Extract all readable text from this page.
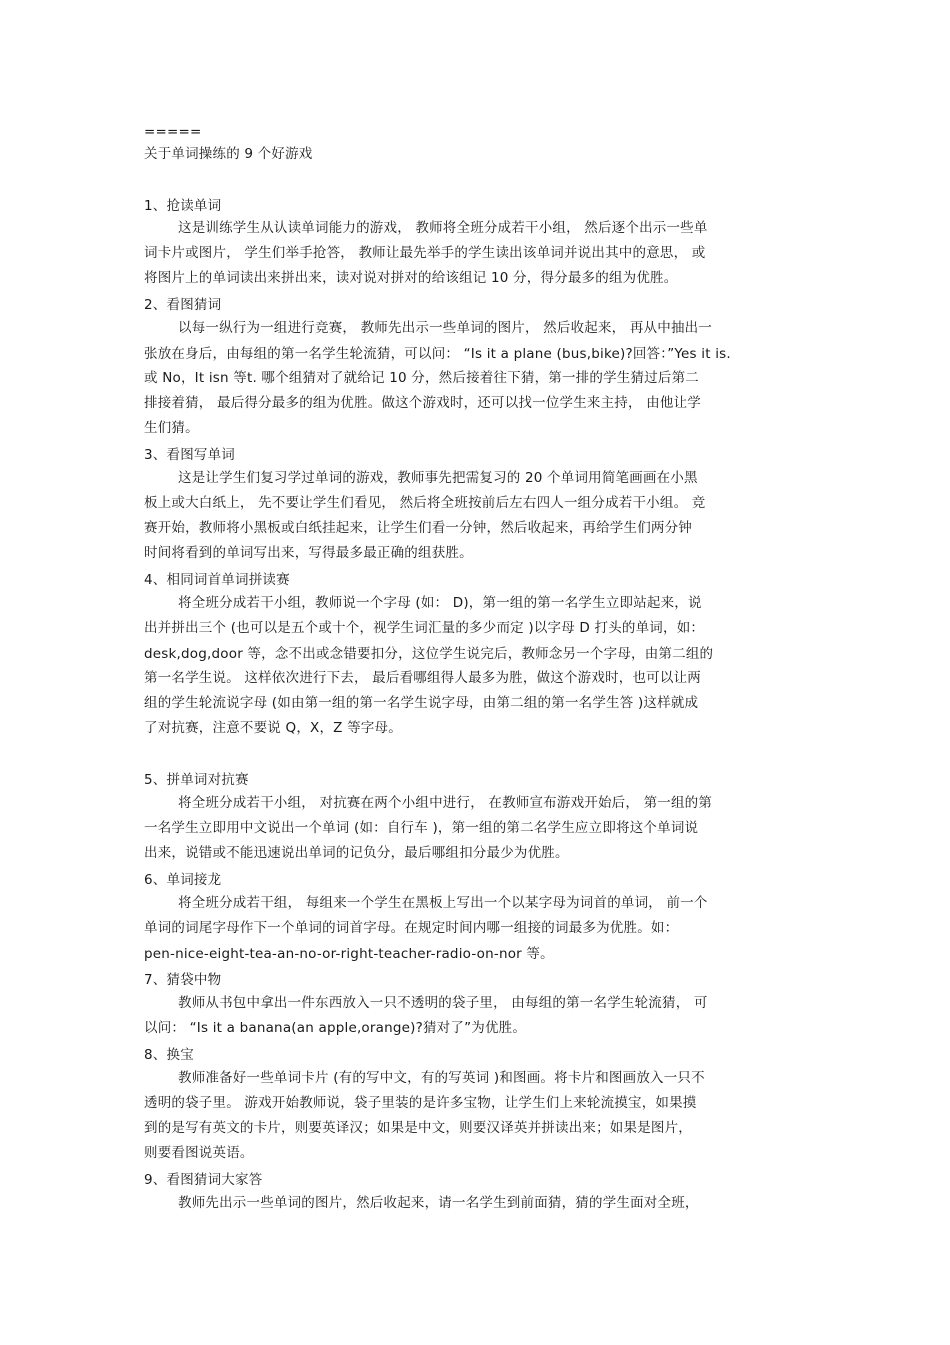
=====
关于单词操练的 9 个好游戏
1、抢读单词
这是训练学生从认读单词能力的游戏， 教师将全班分成若干小组， 然后逐个出示一些单
词卡片或图片， 学生们举手抢答， 教师让最先举手的学生读出该单词并说出其中的意思， 或
将图片上的单词读出来拼出来，读对说对拼对的给该组记 10 分，得分最多的组为优胜。
2、看图猜词
以每一纵行为一组进行竞赛， 教师先出示一些单词的图片， 然后收起来， 再从中抽出一
张放在身后，由每组的第一名学生轮流猜，可以问： “Is it a plane (bus,bike)?回答：”Yes it is.
或 No，It isn 等t. 哪个组猜对了就给记 10 分，然后接着往下猜，第一排的学生猜过后第二
排接着猜， 最后得分最多的组为优胜。做这个游戏时，还可以找一位学生来主持， 由他让学
生们猜。
3、看图写单词
这是让学生们复习学过单词的游戏，教师事先把需复习的 20 个单词用简笔画画在小黑
板上或大白纸上， 先不要让学生们看见， 然后将全班按前后左右四人一组分成若干小组。 竞
赛开始，教师将小黑板或白纸挂起来，让学生们看一分钟，然后收起来，再给学生们两分钟
时间将看到的单词写出来，写得最多最正确的组获胜。
4、相同词首单词拼读赛
将全班分成若干小组，教师说一个字母 (如： D)，第一组的第一名学生立即站起来，说
出并拼出三个 (也可以是五个或十个，视学生词汇量的多少而定 )以字母 D 打头的单词，如：
desk,dog,door 等，念不出或念错要扣分，这位学生说完后，教师念另一个字母，由第二组的
第一名学生说。 这样依次进行下去， 最后看哪组得人最多为胜，做这个游戏时，也可以让两
组的学生轮流说字母 (如由第一组的第一名学生说字母，由第二组的第一名学生答 )这样就成
了对抗赛，注意不要说 Q，X，Z 等字母。
5、拼单词对抗赛
将全班分成若干小组， 对抗赛在两个小组中进行， 在教师宣布游戏开始后， 第一组的第
一名学生立即用中文说出一个单词 (如：自行车 )，第一组的第二名学生应立即将这个单词说
出来，说错或不能迅速说出单词的记负分，最后哪组扣分最少为优胜。
6、单词接龙
将全班分成若干组， 每组来一个学生在黑板上写出一个以某字母为词首的单词， 前一个
单词的词尾字母作下一个单词的词首字母。在规定时间内哪一组接的词最多为优胜。如：
pen-nice-eight-tea-an-no-or-right-teacher-radio-on-nor 等。
7、猜袋中物
教师从书包中拿出一件东西放入一只不透明的袋子里， 由每组的第一名学生轮流猜， 可
以问： “Is it a banana(an apple,orange)?猜对了”为优胜。
8、换宝
教师准备好一些单词卡片 (有的写中文，有的写英词 )和图画。将卡片和图画放入一只不
透明的袋子里。 游戏开始教师说，袋子里装的是许多宝物，让学生们上来轮流摸宝，如果摸
到的是写有英文的卡片，则要英译汉；如果是中文，则要汉译英并拼读出来；如果是图片，
则要看图说英语。
9、看图猜词大家答
教师先出示一些单词的图片，然后收起来，请一名学生到前面猜，猜的学生面对全班，
